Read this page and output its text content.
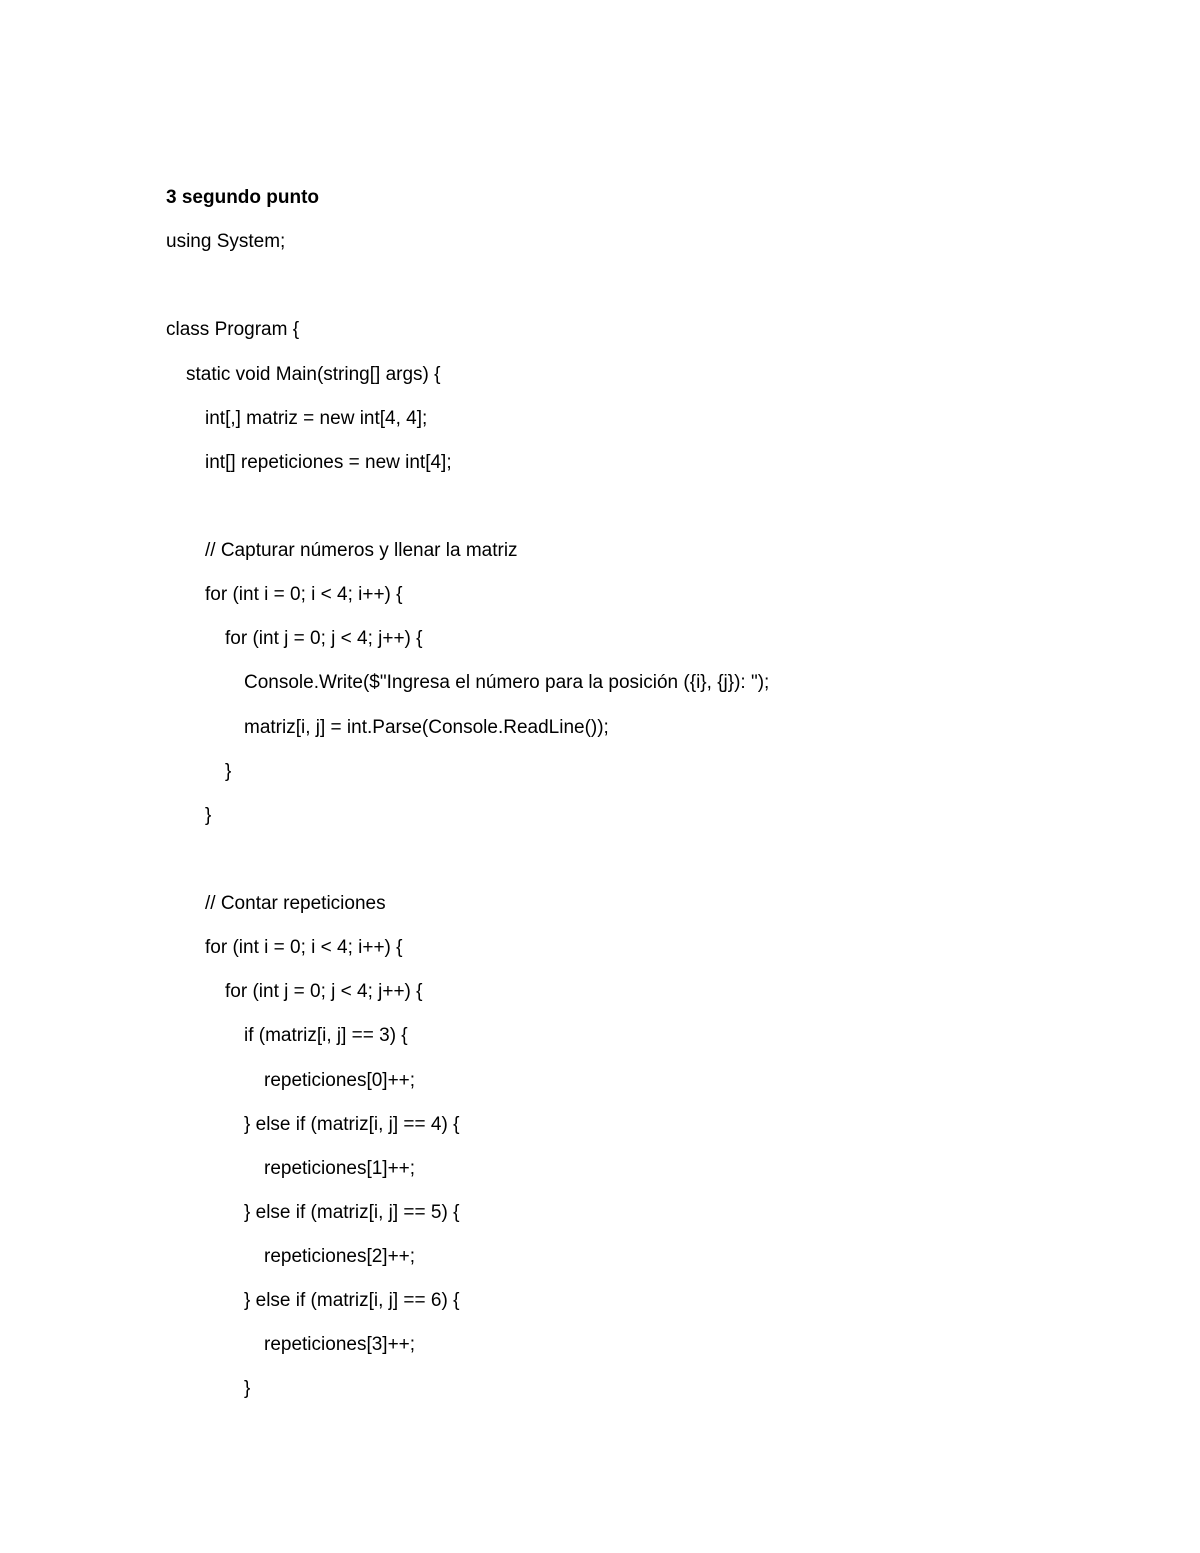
3 segundo punto
using System;
class Program {
static void Main(string[] args) {
int[,] matriz = new int[4, 4];
int[] repeticiones = new int[4];
// Capturar números y llenar la matriz
for (int i = 0; i < 4; i++) {
for (int j = 0; j < 4; j++) {
Console.Write($"Ingresa el número para la posición ({i}, {j}): ");
matriz[i, j] = int.Parse(Console.ReadLine());
}
}
// Contar repeticiones
for (int i = 0; i < 4; i++) {
for (int j = 0; j < 4; j++) {
if (matriz[i, j] == 3) {
repeticiones[0]++;
} else if (matriz[i, j] == 4) {
repeticiones[1]++;
} else if (matriz[i, j] == 5) {
repeticiones[2]++;
} else if (matriz[i, j] == 6) {
repeticiones[3]++;
}
